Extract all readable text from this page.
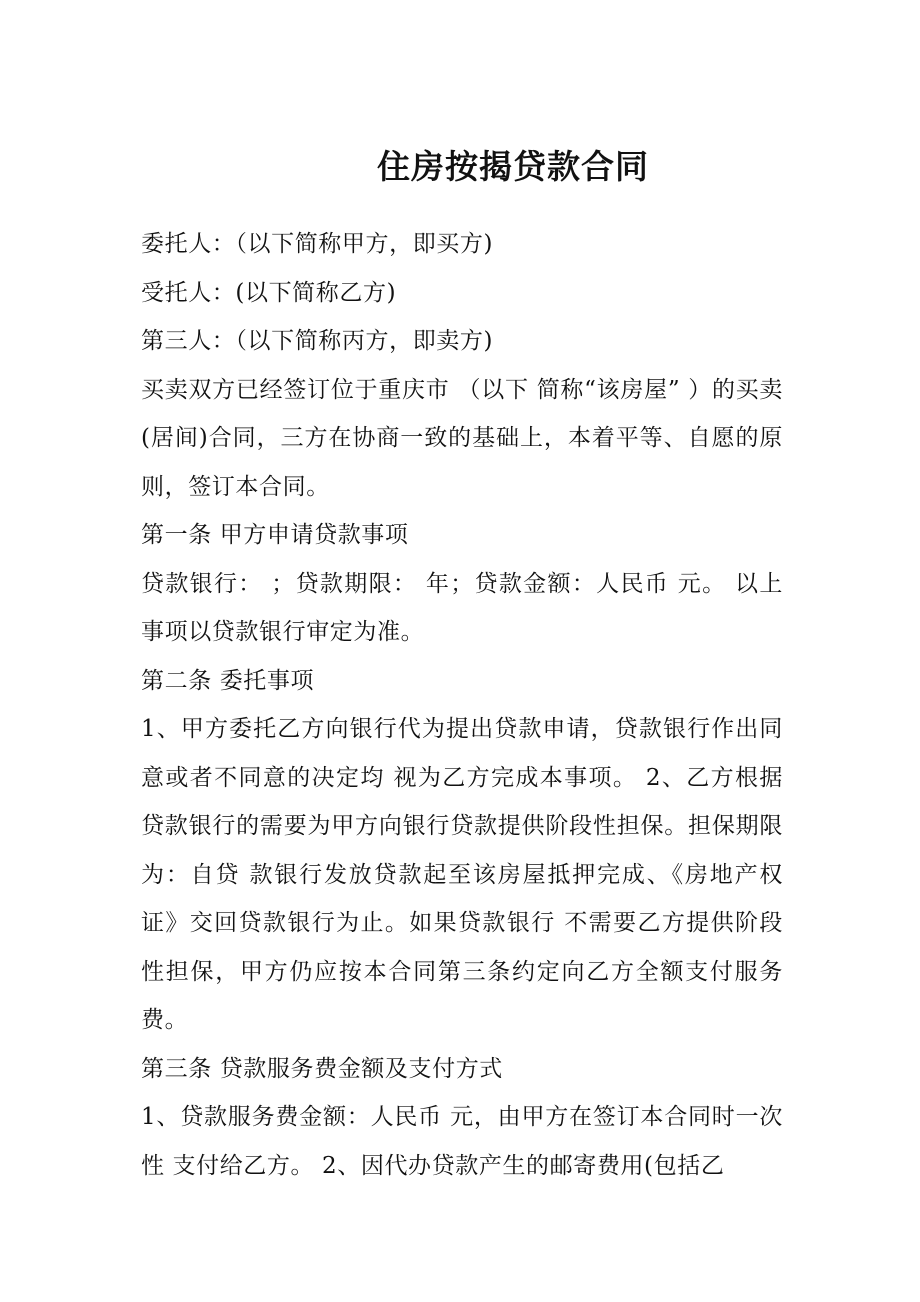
住房按揭贷款合同

委托人：（以下简称甲方，即买方)

受托人：(以下简称乙方)

第三人：（以下简称丙方，即卖方)

买卖双方已经签订位于重庆市 （以下 简称“该房屋” ）的买卖(居间)合同，三方在协商一致的基础上，本着平等、自愿的原 则，签订本合同。

第一条 甲方申请贷款事项

贷款银行： ；贷款期限： 年；贷款金额：人民币 元。 以上事项以贷款银行审定为准。

第二条 委托事项

1、甲方委托乙方向银行代为提出贷款申请，贷款银行作出同意或者不同意的决定均 视为乙方完成本事项。 2、乙方根据贷款银行的需要为甲方向银行贷款提供阶段性担保。担保期限为：自贷 款银行发放贷款起至该房屋抵押完成、《房地产权证》交回贷款银行为止。如果贷款银行 不需要乙方提供阶段性担保，甲方仍应按本合同第三条约定向乙方全额支付服务费。

第三条 贷款服务费金额及支付方式

1、贷款服务费金额：人民币 元，由甲方在签订本合同时一次性 支付给乙方。 2、因代办贷款产生的邮寄费用(包括乙
